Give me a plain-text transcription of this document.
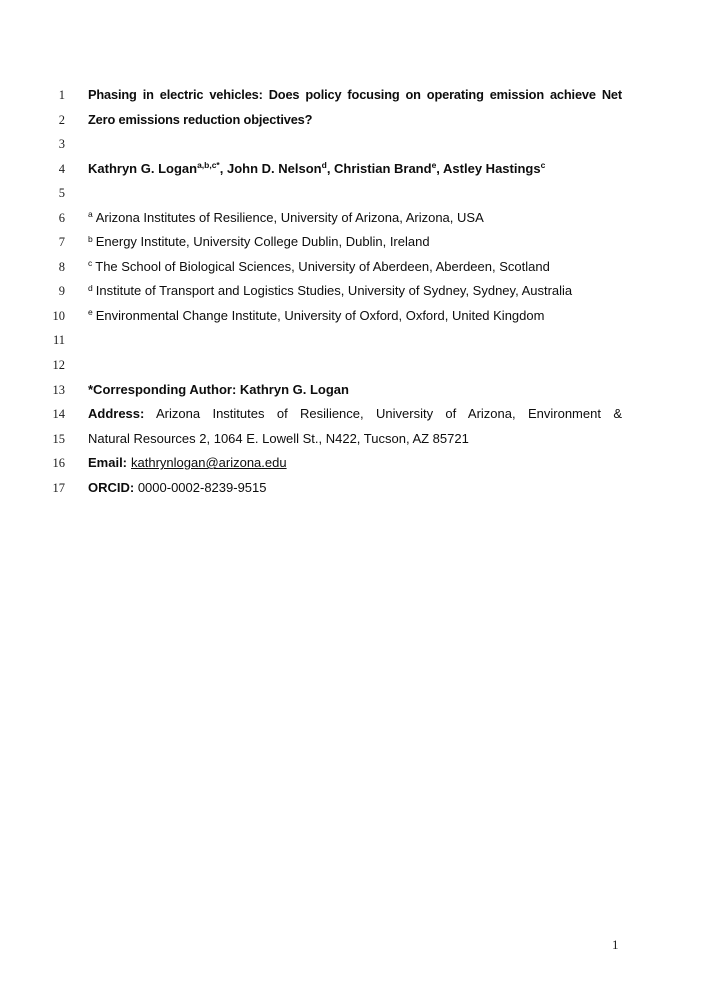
1 Phasing in electric vehicles: Does policy focusing on operating emission achieve Net
2 Zero emissions reduction objectives?
3
4 Kathryn G. Logan$^{a,b,c*}$, John D. Nelson$^d$, Christian Brand$^e$, Astley Hastings$^c$
5
6	$^a$ Arizona Institutes of Resilience, University of Arizona, Arizona, USA
7	$^b$ Energy Institute, University College Dublin, Dublin, Ireland
8	$^c$ The School of Biological Sciences, University of Aberdeen, Aberdeen, Scotland
9	$^d$ Institute of Transport and Logistics Studies, University of Sydney, Sydney, Australia
10	$^e$ Environmental Change Institute, University of Oxford, Oxford, United Kingdom
11
12
13 *Corresponding Author: Kathryn G. Logan
14 Address: Arizona Institutes of Resilience, University of Arizona, Environment &
15 Natural Resources 2, 1064 E. Lowell St., N422, Tucson, AZ 85721
16 Email: kathrynlogan@arizona.edu
17 ORCID: 0000-0002-8239-9515
1
